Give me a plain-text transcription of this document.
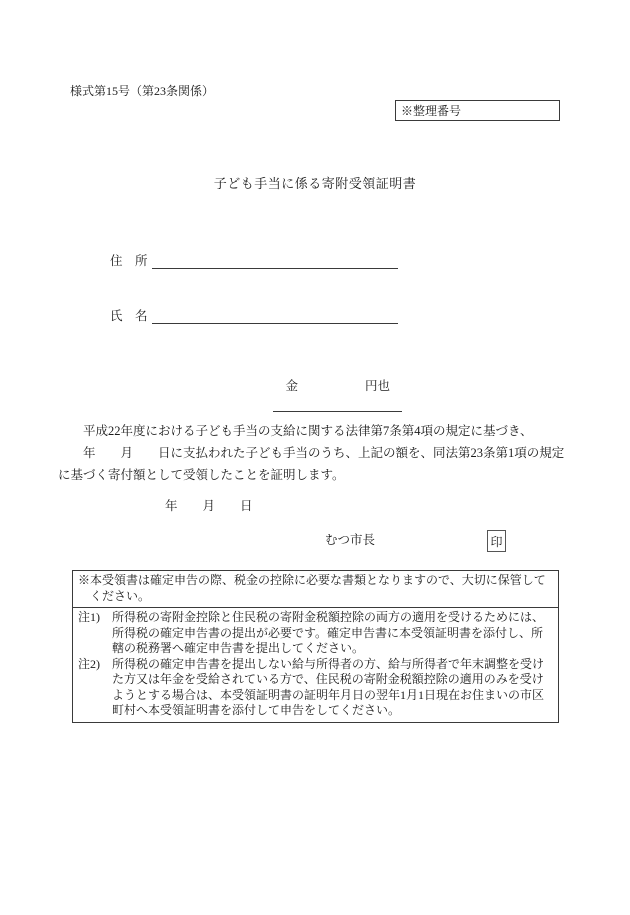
様式第15号（第23条関係）
※整理番号
子ども手当に係る寄附受領証明書
住　所
氏　名

金	円也

　　平成22年度における子ども手当の支給に関する法律第7条第4項の規定に基づき、
　　年　　月　　日に支払われた子ども手当のうち、上記の額を、同法第23条第1項の規定
に基づく寄付額として受領したことを証明します。
年　　月　　日
むつ市長	印
※本受領書は確定申告の際、税金の控除に必要な書類となりますので、大切に保管して
　ください。
注1)	所得税の寄附金控除と住民税の寄附金税額控除の両方の適用を受けるためには、
所得税の確定申告書の提出が必要です。確定申告書に本受領証明書を添付し、所
轄の税務署へ確定申告書を提出してください。
注2)	所得税の確定申告書を提出しない給与所得者の方、給与所得者で年末調整を受け
た方又は年金を受給されている方で、住民税の寄附金税額控除の適用のみを受け
ようとする場合は、本受領証明書の証明年月日の翌年1月1日現在お住まいの市区
町村へ本受領証明書を添付して申告をしてください。
